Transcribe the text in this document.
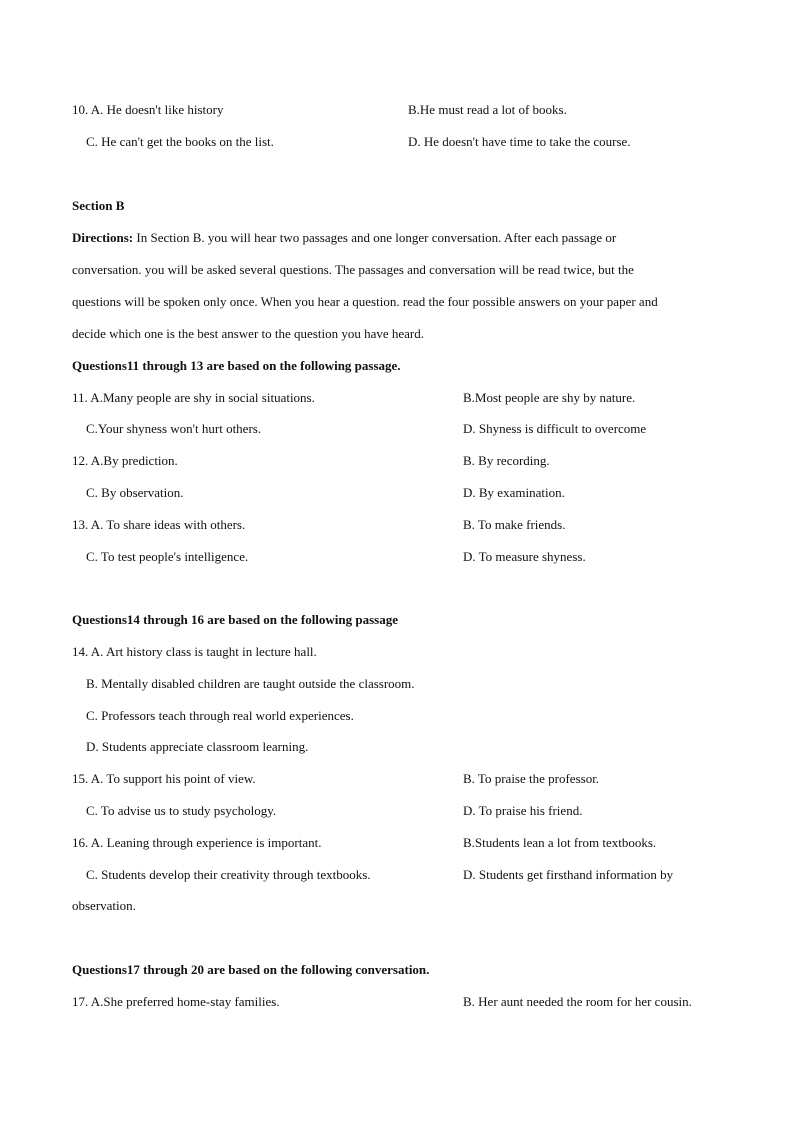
10. A. He doesn't like history	B.He must read a lot of books.
C. He can't get the books on the list.	D. He doesn't have time to take the course.
Section B
Directions: In Section B. you will hear two passages and one longer conversation. After each passage or
conversation. you will be asked several questions. The passages and conversation will be read twice, but the
questions will be spoken only once. When you hear a question. read the four possible answers on your paper and
decide which one is the best answer to the question you have heard.
Questions11 through 13 are based on the following passage.
11. A.Many people are shy in social situations.	B.Most people are shy by nature.
C.Your shyness won't hurt others.	D. Shyness is difficult to overcome
12. A.By prediction.	B. By recording.
C. By observation.	D. By examination.
13. A. To share ideas with others.	B. To make friends.
C. To test people's intelligence.	D. To measure shyness.
Questions14 through 16 are based on the following passage
14. A. Art history class is taught in lecture hall.
B. Mentally disabled children are taught outside the classroom.
C. Professors teach through real world experiences.
D. Students appreciate classroom learning.
15. A. To support his point of view.	B. To praise the professor.
C. To advise us to study psychology.	D. To praise his friend.
16. A. Leaning through experience is important.	B.Students lean a lot from textbooks.
C. Students develop their creativity through textbooks.	D. Students get firsthand information by
observation.
Questions17 through 20 are based on the following conversation.
17. A.She preferred home-stay families.	B. Her aunt needed the room for her cousin.
